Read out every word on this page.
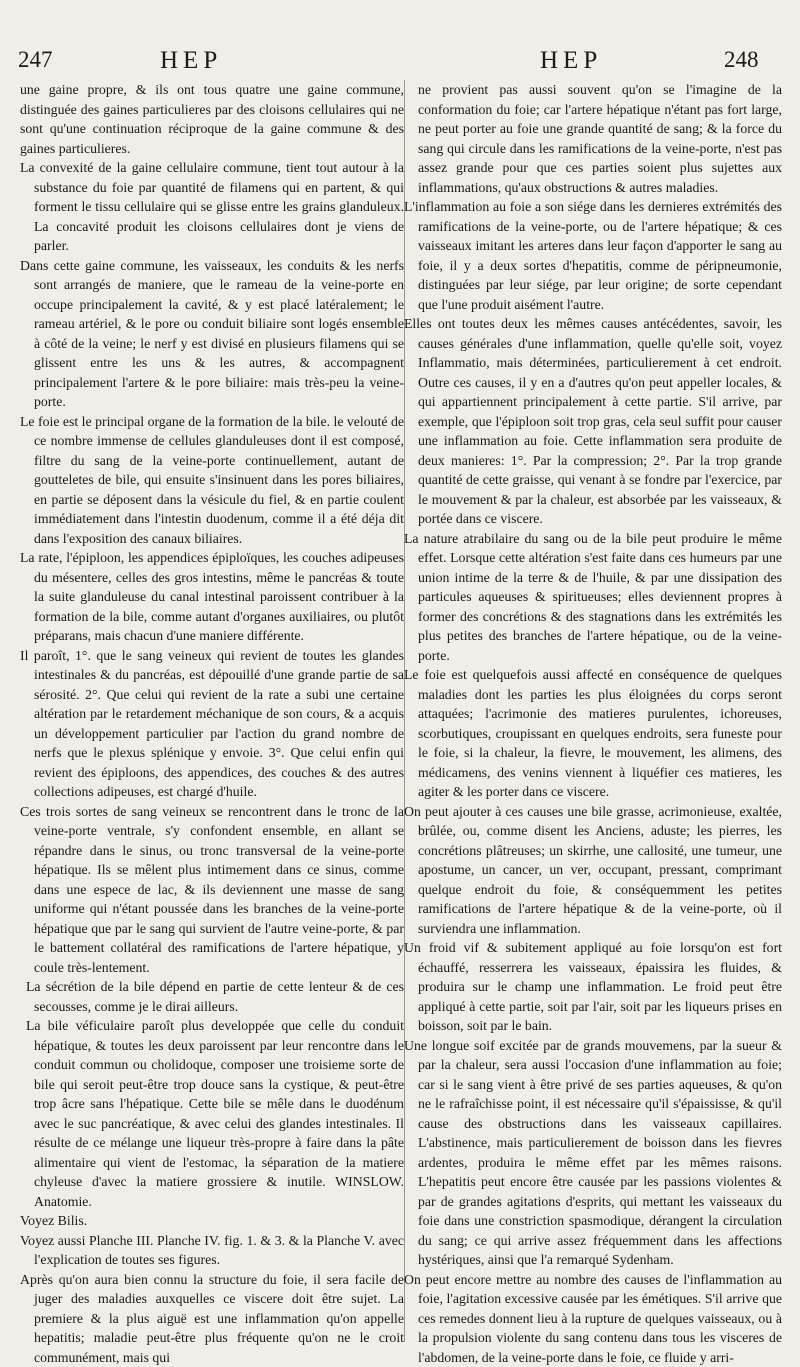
247	HEP	HEP	248

une gaine propre, & ils ont tous quatre une gaine commune, distinguée des gaines particulieres par des cloisons cellulaires qui ne sont qu'une continuation réciproque de la gaine commune & des gaines particulieres.

La convexité de la gaine cellulaire commune, tient tout autour à la substance du foie par quantité de filamens qui en partent, & qui forment le tissu cellulaire qui se glisse entre les grains glanduleux. La concavité produit les cloisons cellulaires dont je viens de parler.

Dans cette gaine commune, les vaisseaux, les conduits & les nerfs sont arrangés de maniere, que le rameau de la veine-porte en occupe principalement la cavité, & y est placé latéralement; le rameau artériel, & le pore ou conduit biliaire sont logés ensemble à côté de la veine; le nerf y est divisé en plusieurs filamens qui se glissent entre les uns & les autres, & accompagnent principalement l'artere & le pore biliaire: mais très-peu la veine-porte.

Le foie est le principal organe de la formation de la bile. le velouté de ce nombre immense de cellules glanduleuses dont il est composé, filtre du sang de la veine-porte continuellement, autant de goutteletes de bile, qui ensuite s'insinuent dans les pores biliaires, en partie se déposent dans la vésicule du fiel, & en partie coulent immédiatement dans l'intestin duodenum, comme il a été déja dit dans l'exposition des canaux biliaires.

La rate, l'épiploon, les appendices épiploïques, les couches adipeuses du mésentere, celles des gros intestins, même le pancréas & toute la suite glanduleuse du canal intestinal paroissent contribuer à la formation de la bile, comme autant d'organes auxiliaires, ou plutôt préparans, mais chacun d'une maniere différente.

Il paroît, 1°. que le sang veineux qui revient de toutes les glandes intestinales & du pancréas, est dépouillé d'une grande partie de sa sérosité. 2°. Que celui qui revient de la rate a subi une certaine altération par le retardement méchanique de son cours, & a acquis un développement particulier par l'action du grand nombre de nerfs que le plexus splénique y envoie. 3°. Que celui enfin qui revient des épiploons, des appendices, des couches & des autres collections adipeuses, est chargé d'huile.

Ces trois sortes de sang veineux se rencontrent dans le tronc de la veine-porte ventrale, s'y confondent ensemble, en allant se répandre dans le sinus, ou tronc transversal de la veine-porte hépatique. Ils se mêlent plus intimement dans ce sinus, comme dans une espece de lac, & ils deviennent une masse de sang uniforme qui n'étant poussée dans les branches de la veine-porte hépatique que par le sang qui survient de l'autre veine-porte, & par le battement collatéral des ramifications de l'artere hépatique, y coule très-lentement.

La sécrétion de la bile dépend en partie de cette lenteur & de ces secousses, comme je le dirai ailleurs.

La bile véficulaire paroît plus developpée que celle du conduit hépatique, & toutes les deux paroissent par leur rencontre dans le conduit commun ou cholidoque, composer une troisieme sorte de bile qui seroit peut-être trop douce sans la cystique, & peut-être trop âcre sans l'hépatique. Cette bile se mêle dans le duodénum avec le suc pancréatique, & avec celui des glandes intestinales. Il résulte de ce mélange une liqueur très-propre à faire dans la pâte alimentaire qui vient de l'estomac, la séparation de la matiere chyleuse d'avec la matiere grossiere & inutile. WINSLOW. Anatomie.

Voyez Bilis.

Voyez aussi Planche III. Planche IV. fig. 1. & 3. & la Planche V. avec l'explication de toutes ses figures.

Après qu'on aura bien connu la structure du foie, il sera facile de juger des maladies auxquelles ce viscere doit être sujet. La premiere & la plus aiguë est une inflammation qu'on appelle hepatitis; maladie peut-être plus fréquente qu'on ne le croit communément, mais qui

ne provient pas aussi souvent qu'on se l'imagine de la conformation du foie; car l'artere hépatique n'étant pas fort large, ne peut porter au foie une grande quantité de sang; & la force du sang qui circule dans les ramifications de la veine-porte, n'est pas assez grande pour que ces parties soient plus sujettes aux inflammations, qu'aux obstructions & autres maladies.

L'inflammation au foie a son siége dans les dernieres extrémités des ramifications de la veine-porte, ou de l'artere hépatique; & ces vaisseaux imitant les arteres dans leur façon d'apporter le sang au foie, il y a deux sortes d'hepatitis, comme de péripneumonie, distinguées par leur siége, par leur origine; de sorte cependant que l'une produit aisément l'autre.

Elles ont toutes deux les mêmes causes antécédentes, savoir, les causes générales d'une inflammation, quelle qu'elle soit, voyez Inflammatio, mais déterminées, particulierement à cet endroit. Outre ces causes, il y en a d'autres qu'on peut appeller locales, & qui appartiennent principalement à cette partie. S'il arrive, par exemple, que l'épiploon soit trop gras, cela seul suffit pour causer une inflammation au foie. Cette inflammation sera produite de deux manieres: 1°. Par la compression; 2°. Par la trop grande quantité de cette graisse, qui venant à se fondre par l'exercice, par le mouvement & par la chaleur, est absorbée par les vaisseaux, & portée dans ce viscere.

La nature atrabilaire du sang ou de la bile peut produire le même effet. Lorsque cette altération s'est faite dans ces humeurs par une union intime de la terre & de l'huile, & par une dissipation des particules aqueuses & spiritueuses; elles deviennent propres à former des concrétions & des stagnations dans les extrémités les plus petites des branches de l'artere hépatique, ou de la veine-porte.

Le foie est quelquefois aussi affecté en conséquence de quelques maladies dont les parties les plus éloignées du corps seront attaquées; l'acrimonie des matieres purulentes, ichoreuses, scorbutiques, croupissant en quelques endroits, sera funeste pour le foie, si la chaleur, la fievre, le mouvement, les alimens, des médicamens, des venins viennent à liquéfier ces matieres, les agiter & les porter dans ce viscere.

On peut ajouter à ces causes une bile grasse, acrimonieuse, exaltée, brûlée, ou, comme disent les Anciens, aduste; les pierres, les concrétions plâtreuses; un skirrhe, une callosité, une tumeur, une apostume, un cancer, un ver, occupant, pressant, comprimant quelque endroit du foie, & conséquemment les petites ramifications de l'artere hépatique & de la veine-porte, où il surviendra une inflammation.

Un froid vif & subitement appliqué au foie lorsqu'on est fort échauffé, resserrera les vaisseaux, épaissira les fluides, & produira sur le champ une inflammation. Le froid peut être appliqué à cette partie, soit par l'air, soit par les liqueurs prises en boisson, soit par le bain.

Une longue soif excitée par de grands mouvemens, par la sueur & par la chaleur, sera aussi l'occasion d'une inflammation au foie; car si le sang vient à être privé de ses parties aqueuses, & qu'on ne le rafraîchisse point, il est nécessaire qu'il s'épaississe, & qu'il cause des obstructions dans les vaisseaux capillaires. L'abstinence, mais particulierement de boisson dans les fievres ardentes, produira le même effet par les mêmes raisons. L'hepatitis peut encore être causée par les passions violentes & par de grandes agitations d'esprits, qui mettant les vaisseaux du foie dans une constriction spasmodique, dérangent la circulation du sang; ce qui arrive assez fréquemment dans les affections hystériques, ainsi que l'a remarqué Sydenham.

On peut encore mettre au nombre des causes de l'inflammation au foie, l'agitation excessive causée par les émétiques. S'il arrive que ces remedes donnent lieu à la rupture de quelques vaisseaux, ou à la propulsion violente du sang contenu dans tous les visceres de l'abdomen, de la veine-porte dans le foie, ce fluide y arri-
